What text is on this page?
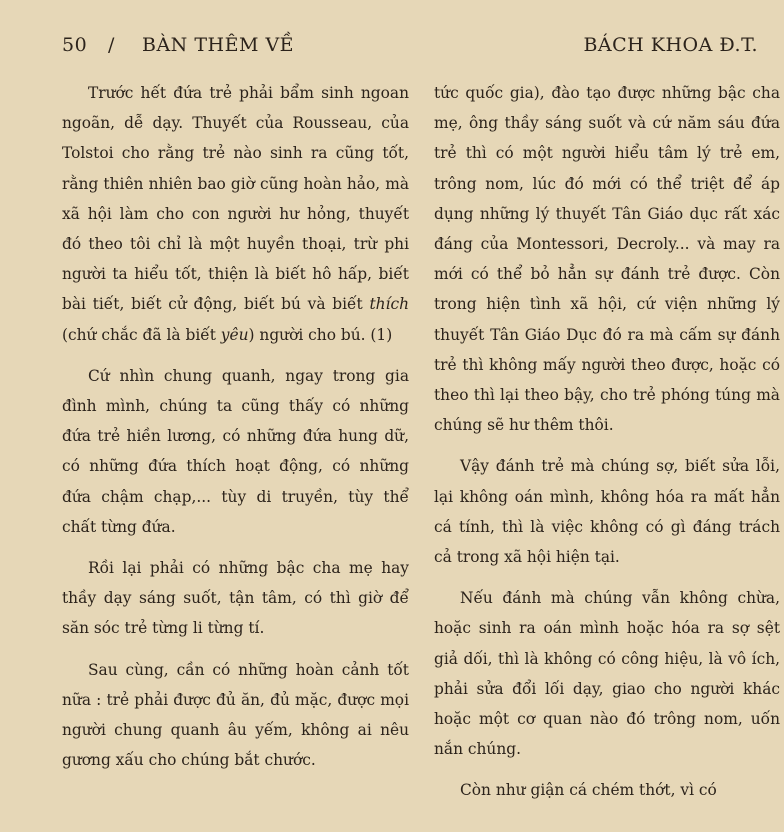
50 / BÀN THÊM VỀ	BÁCH KHOA Đ.T.

Trước hết đứa trẻ phải bẩm sinh ngoan ngoãn, dễ dạy. Thuyết của Rousseau, của Tolstoi cho rằng trẻ nào sinh ra cũng tốt, rằng thiên nhiên bao giờ cũng hoàn hảo, mà xã hội làm cho con người hư hỏng, thuyết đó theo tôi chỉ là một huyền thoại, trừ phi người ta hiểu tốt, thiện là biết hô hấp, biết bài tiết, biết cử động, biết bú và biết thích (chứ chắc đã là biết yêu) người cho bú. (1)

Cứ nhìn chung quanh, ngay trong gia đình mình, chúng ta cũng thấy có những đứa trẻ hiền lương, có những đứa hung dữ, có những đứa thích hoạt động, có những đứa chậm chạp,... tùy di truyền, tùy thể chất từng đứa.

Rồi lại phải có những bậc cha mẹ hay thầy dạy sáng suốt, tận tâm, có thì giờ để săn sóc trẻ từng li từng tí.

Sau cùng, cần có những hoàn cảnh tốt nữa : trẻ phải được đủ ăn, đủ mặc, được mọi người chung quanh âu yếm, không ai nêu gương xấu cho chúng bắt chước.

tức quốc gia), đào tạo được những bậc cha mẹ, ông thầy sáng suốt và cứ năm sáu đứa trẻ thì có một người hiểu tâm lý trẻ em, trông nom, lúc đó mới có thể triệt để áp dụng những lý thuyết Tân Giáo dục rất xác đáng của Montessori, Decroly... và may ra mới có thể bỏ hẳn sự đánh trẻ được. Còn trong hiện tình xã hội, cứ viện những lý thuyết Tân Giáo Dục đó ra mà cấm sự đánh trẻ thì không mấy người theo được, hoặc có theo thì lại theo bậy, cho trẻ phóng túng mà chúng sẽ hư thêm thôi.

Vậy đánh trẻ mà chúng sợ, biết sửa lỗi, lại không oán mình, không hóa ra mất hẳn cá tính, thì là việc không có gì đáng trách cả trong xã hội hiện tại.

Nếu đánh mà chúng vẫn không chừa, hoặc sinh ra oán mình hoặc hóa ra sợ sệt giả dối, thì là không có công hiệu, là vô ích, phải sửa đổi lối dạy, giao cho người khác hoặc một cơ quan nào đó trông nom, uốn nắn chúng.

Còn như giận cá chém thớt, vì có
